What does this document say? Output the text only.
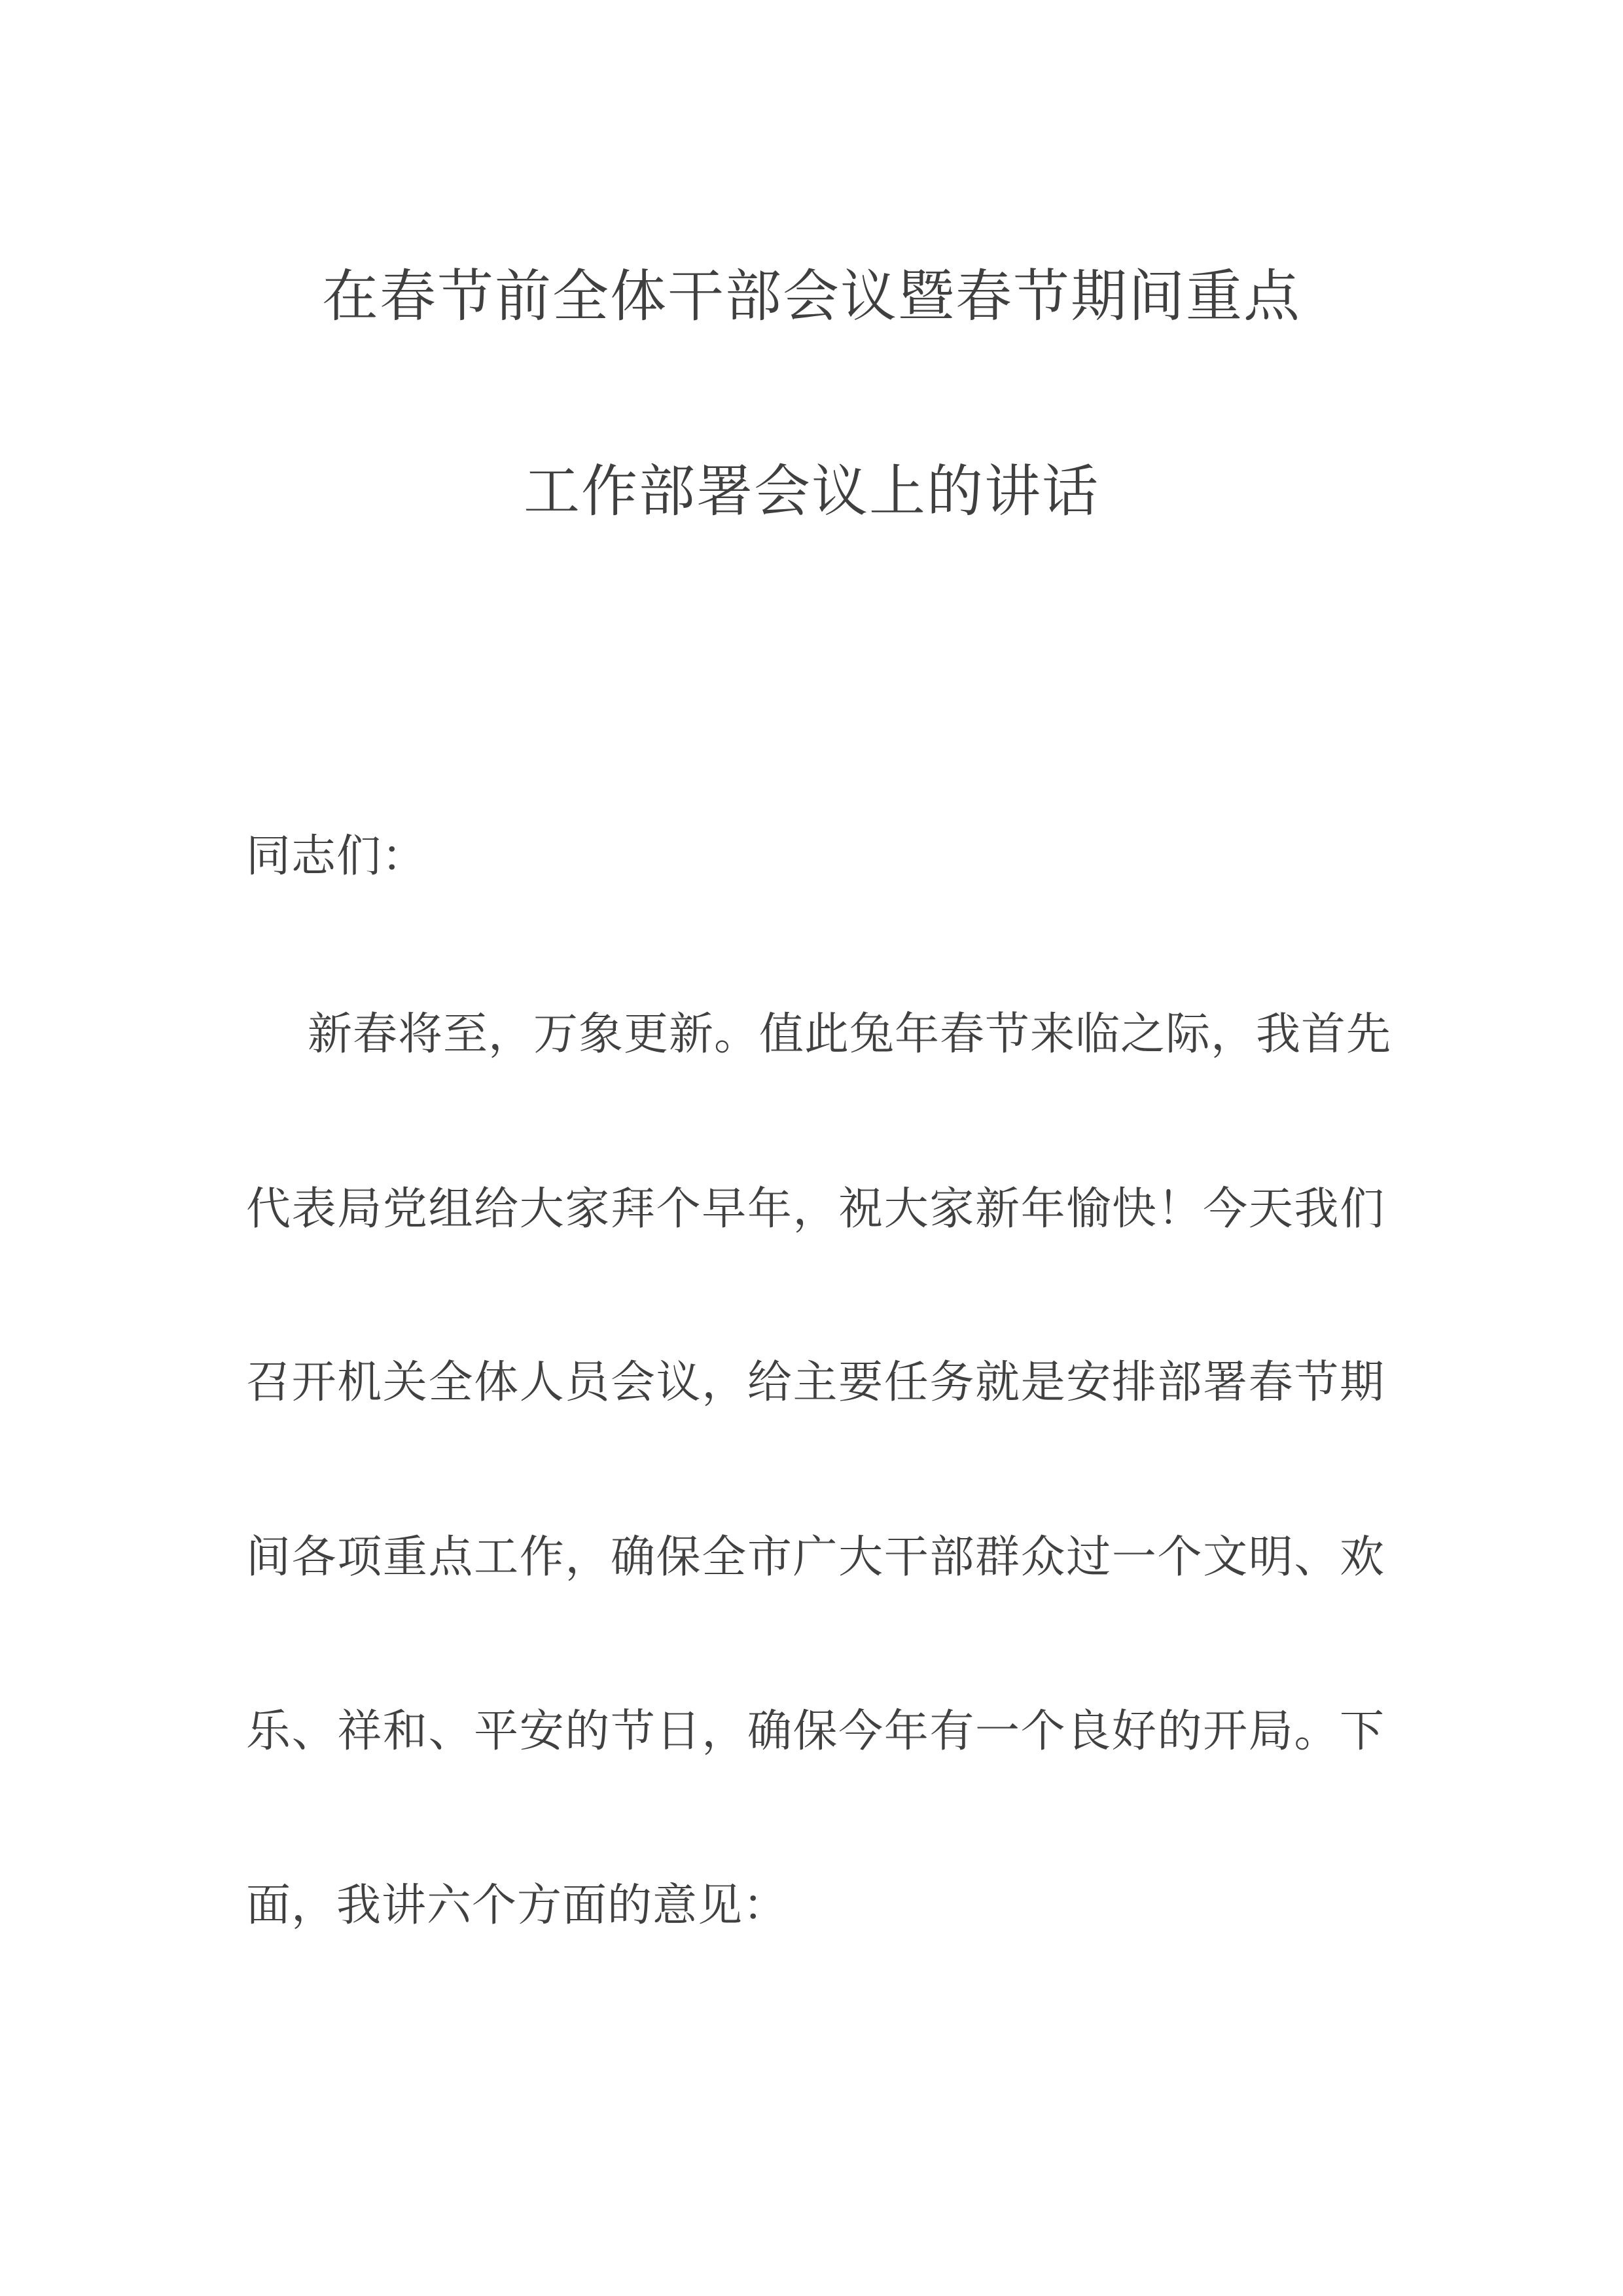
在春节前全体干部会议暨春节期间重点
工作部署会议上的讲话
同志们：
新春将至，万象更新。值此兔年春节来临之际，我首先
代表局党组给大家拜个早年，祝大家新年愉快！今天我们
召开机关全体人员会议，给主要任务就是安排部署春节期
间各项重点工作，确保全市广大干部群众过一个文明、欢
乐、祥和、平安的节日，确保今年有一个良好的开局。下
面，我讲六个方面的意见：
